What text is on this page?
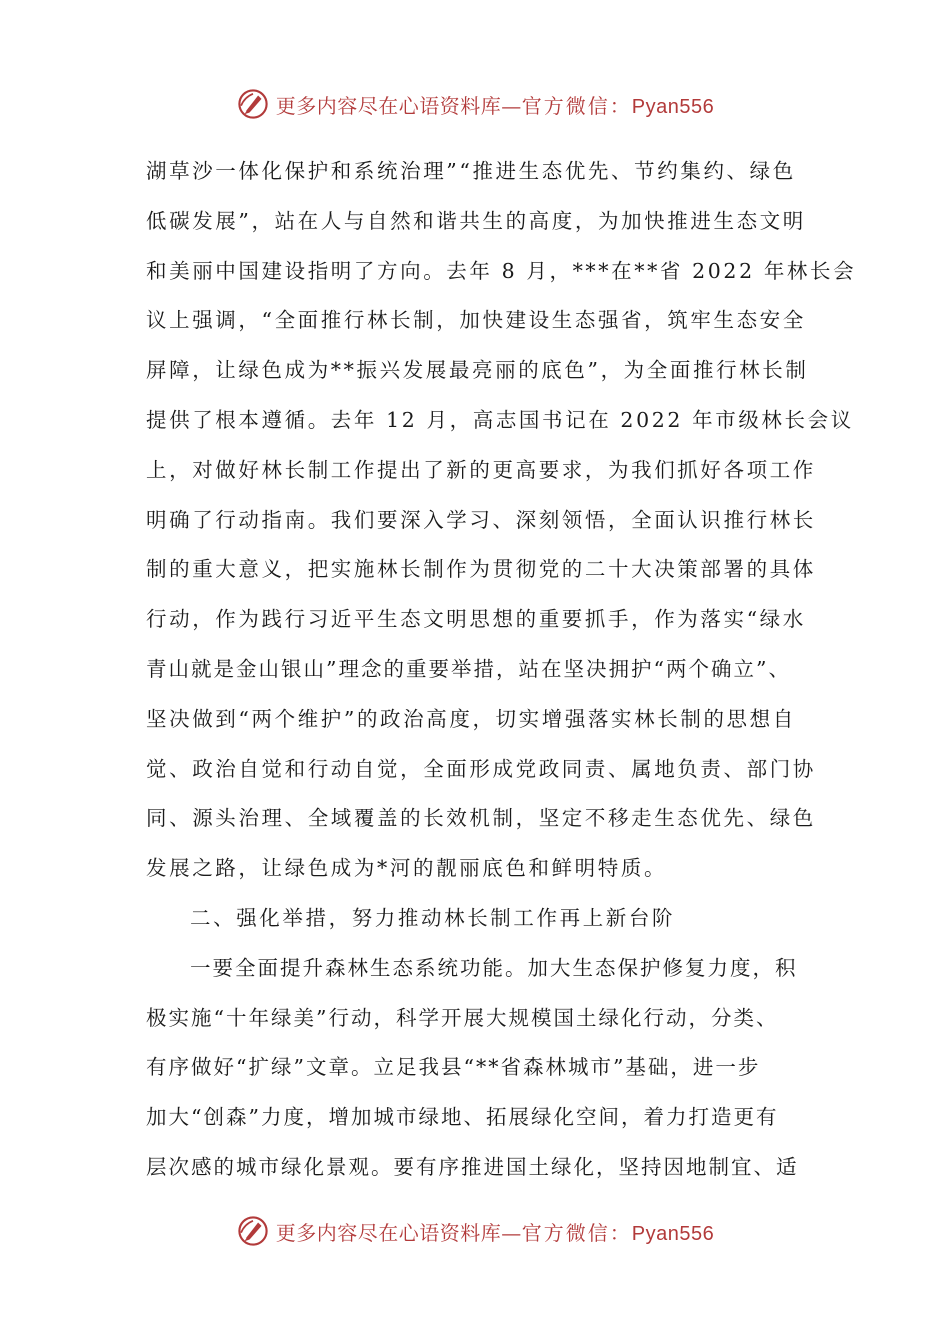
更多内容尽在心语资料库—官方微信：Pyan556
湖草沙一体化保护和系统治理”“推进生态优先、节约集约、绿色
低碳发展”，站在人与自然和谐共生的高度，为加快推进生态文明
和美丽中国建设指明了方向。去年 8 月，***在**省 2022 年林长会
议上强调，“全面推行林长制，加快建设生态强省，筑牢生态安全
屏障，让绿色成为**振兴发展最亮丽的底色”，为全面推行林长制
提供了根本遵循。去年 12 月，高志国书记在 2022 年市级林长会议
上，对做好林长制工作提出了新的更高要求，为我们抓好各项工作
明确了行动指南。我们要深入学习、深刻领悟，全面认识推行林长
制的重大意义，把实施林长制作为贯彻党的二十大决策部署的具体
行动，作为践行习近平生态文明思想的重要抓手，作为落实“绿水
青山就是金山银山”理念的重要举措，站在坚决拥护“两个确立”、
坚决做到“两个维护”的政治高度，切实增强落实林长制的思想自
觉、政治自觉和行动自觉，全面形成党政同责、属地负责、部门协
同、源头治理、全域覆盖的长效机制，坚定不移走生态优先、绿色
发展之路，让绿色成为*河的靓丽底色和鲜明特质。
二、强化举措，努力推动林长制工作再上新台阶
一要全面提升森林生态系统功能。加大生态保护修复力度，积
极实施“十年绿美”行动，科学开展大规模国土绿化行动，分类、
有序做好“扩绿”文章。立足我县“**省森林城市”基础，进一步
加大“创森”力度，增加城市绿地、拓展绿化空间，着力打造更有
层次感的城市绿化景观。要有序推进国土绿化，坚持因地制宜、适
更多内容尽在心语资料库—官方微信：Pyan556
